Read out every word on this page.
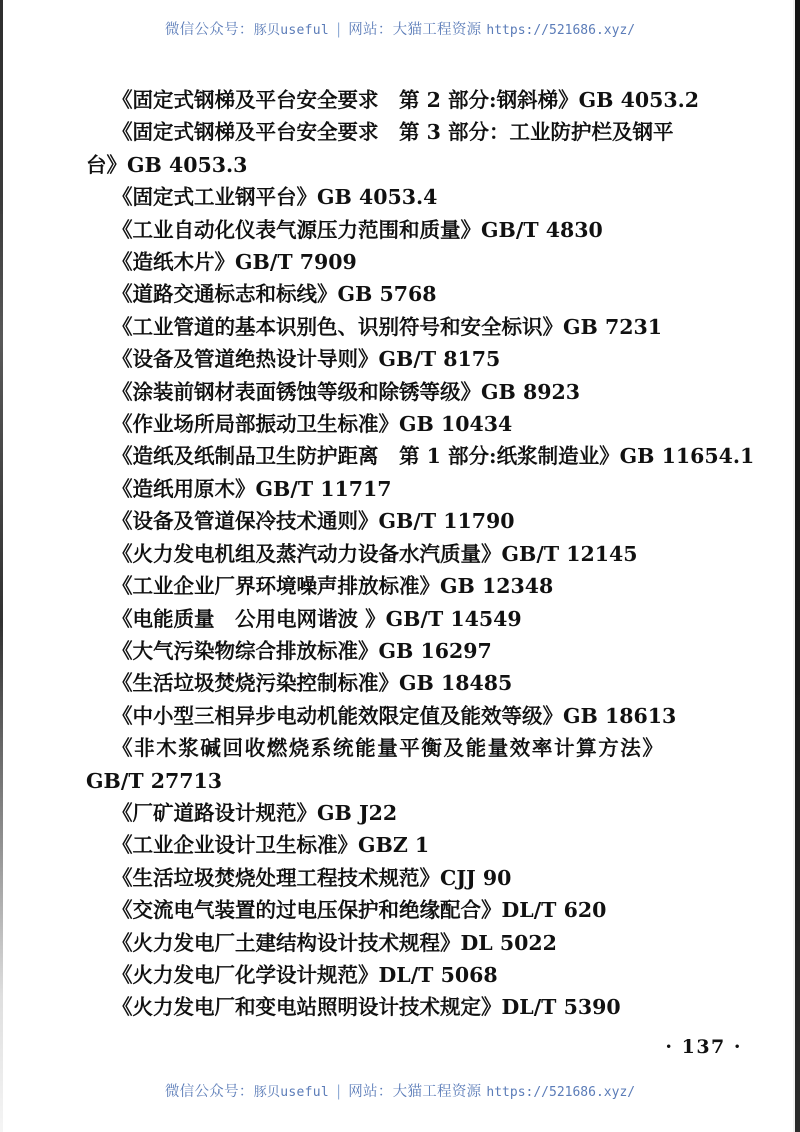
微信公众号：豚贝useful | 网站：大猫工程资源 https://521686.xyz/
《固定式钢梯及平台安全要求　第 2 部分:钢斜梯》GB 4053.2
《固定式钢梯及平台安全要求　第 3 部分：工业防护栏及钢平
台》GB 4053.3
《固定式工业钢平台》GB 4053.4
《工业自动化仪表气源压力范围和质量》GB/T 4830
《造纸木片》GB/T 7909
《道路交通标志和标线》GB 5768
《工业管道的基本识别色、识别符号和安全标识》GB 7231
《设备及管道绝热设计导则》GB/T 8175
《涂装前钢材表面锈蚀等级和除锈等级》GB 8923
《作业场所局部振动卫生标准》GB 10434
《造纸及纸制品卫生防护距离　第 1 部分:纸浆制造业》GB 11654.1
《造纸用原木》GB/T 11717
《设备及管道保冷技术通则》GB/T 11790
《火力发电机组及蒸汽动力设备水汽质量》GB/T 12145
《工业企业厂界环境噪声排放标准》GB 12348
《电能质量　公用电网谐波 》GB/T 14549
《大气污染物综合排放标准》GB 16297
《生活垃圾焚烧污染控制标准》GB 18485
《中小型三相异步电动机能效限定值及能效等级》GB 18613
《非木浆碱回收燃烧系统能量平衡及能量效率计算方法》
GB/T 27713
《厂矿道路设计规范》GB J22
《工业企业设计卫生标准》GBZ 1
《生活垃圾焚烧处理工程技术规范》CJJ 90
《交流电气装置的过电压保护和绝缘配合》DL/T 620
《火力发电厂土建结构设计技术规程》DL 5022
《火力发电厂化学设计规范》DL/T 5068
《火力发电厂和变电站照明设计技术规定》DL/T 5390
· 137 ·
微信公众号：豚贝useful | 网站：大猫工程资源 https://521686.xyz/
